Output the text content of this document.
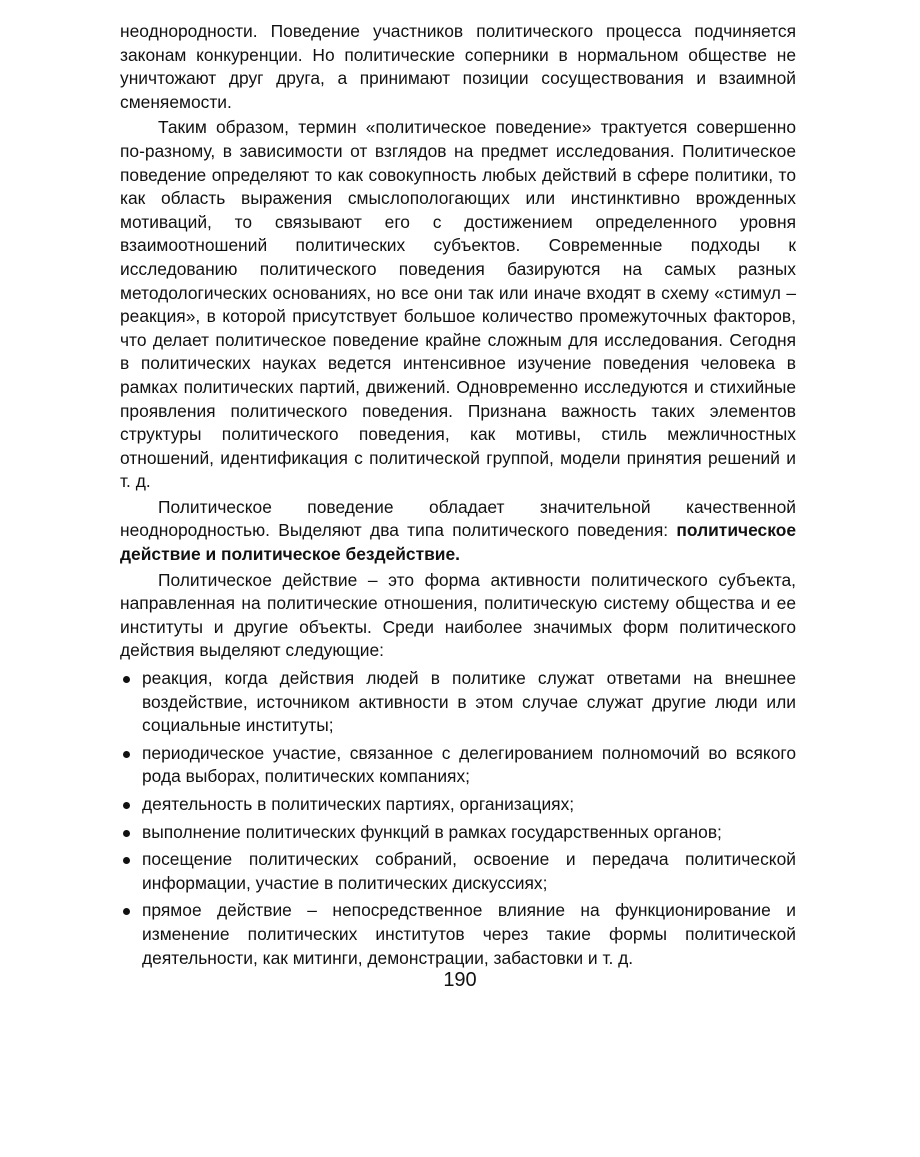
неоднородности. Поведение участников политического процесса подчиняется законам конкуренции. Но политические соперники в нормальном обществе не уничтожают друг друга, а принимают позиции сосуществования и взаимной сменяемости.

Таким образом, термин «политическое поведение» трактуется совершенно по-разному, в зависимости от взглядов на предмет исследования. Политическое поведение определяют то как совокупность любых действий в сфере политики, то как область выражения смыслопологающих или инстинктивно врожденных мотиваций, то связывают его с достижением определенного уровня взаимоотношений политических субъектов. Современные подходы к исследованию политического поведения базируются на самых разных методологических основаниях, но все они так или иначе входят в схему «стимул – реакция», в которой присутствует большое количество промежуточных факторов, что делает политическое поведение крайне сложным для исследования. Сегодня в политических науках ведется интенсивное изучение поведения человека в рамках политических партий, движений. Одновременно исследуются и стихийные проявления политического поведения. Признана важность таких элементов структуры политического поведения, как мотивы, стиль межличностных отношений, идентификация с политической группой, модели принятия решений и т. д.

Политическое поведение обладает значительной качественной неоднородностью. Выделяют два типа политического поведения: политическое действие и политическое бездействие.

Политическое действие – это форма активности политического субъекта, направленная на политические отношения, политическую систему общества и ее институты и другие объекты. Среди наиболее значимых форм политического действия выделяют следующие:

реакция, когда действия людей в политике служат ответами на внешнее воздействие, источником активности в этом случае служат другие люди или социальные институты;
периодическое участие, связанное с делегированием полномочий во всякого рода выборах, политических компаниях;
деятельность в политических партиях, организациях;
выполнение политических функций в рамках государственных органов;
посещение политических собраний, освоение и передача политической информации, участие в политических дискуссиях;
прямое действие – непосредственное влияние на функционирование и изменение политических институтов через такие формы политической деятельности, как митинги, демонстрации, забастовки и т. д.
190
